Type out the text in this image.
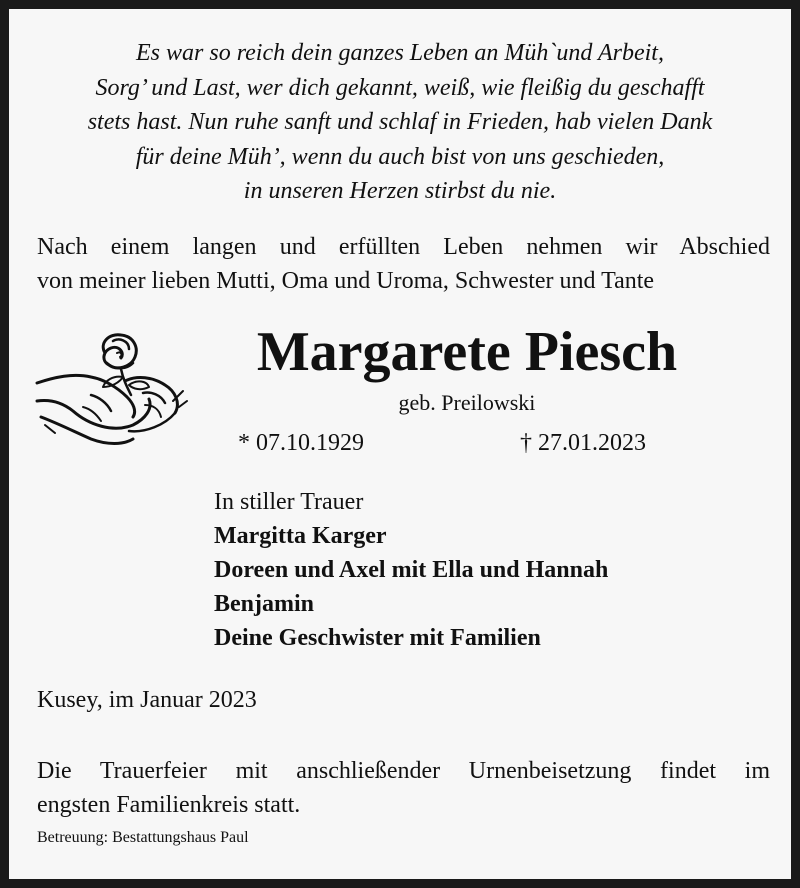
Es war so reich dein ganzes Leben an Müh`und Arbeit,
Sorg’ und Last, wer dich gekannt, weiß, wie fleißig du geschafft
stets hast. Nun ruhe sanft und schlaf in Frieden, hab vielen Dank
für deine Müh’, wenn du auch bist von uns geschieden,
in unseren Herzen stirbst du nie.
Nach einem langen und erfüllten Leben nehmen wir Abschied
von meiner lieben Mutti, Oma und Uroma, Schwester und Tante
Margarete Piesch
geb. Preilowski
* 07.10.1929	† 27.01.2023
In stiller Trauer
Margitta Karger
Doreen und Axel mit Ella und Hannah
Benjamin
Deine Geschwister mit Familien
Kusey, im Januar 2023
Die Trauerfeier mit anschließender Urnenbeisetzung findet im
engsten Familienkreis statt.
Betreuung: Bestattungshaus Paul
